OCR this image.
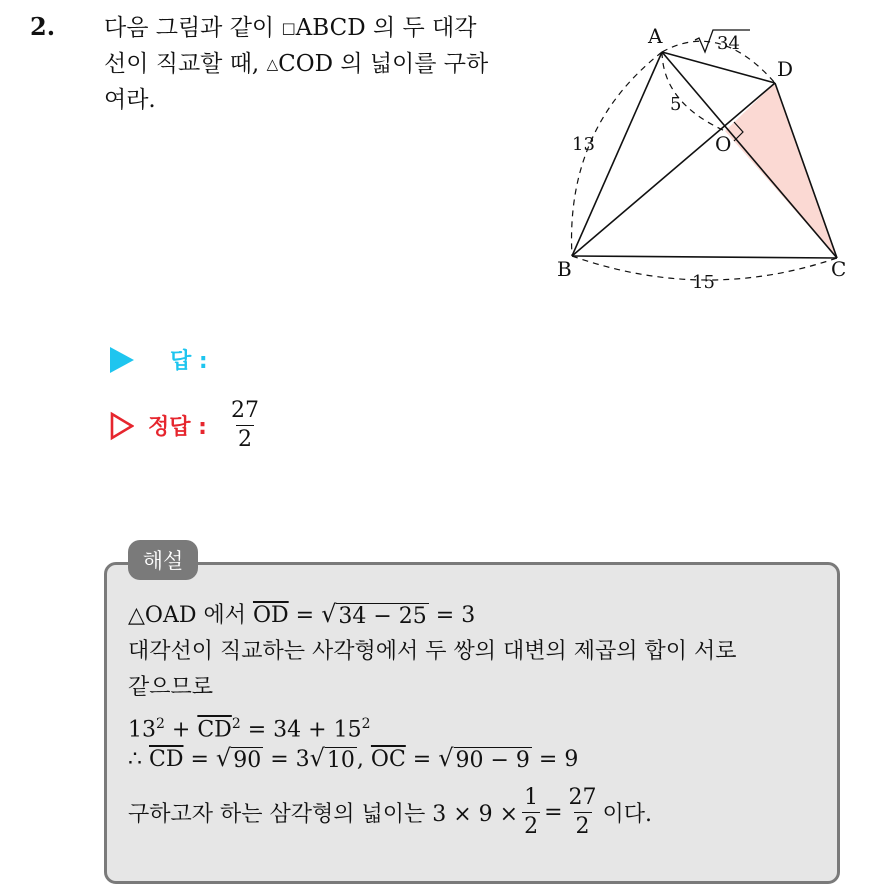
2. 다음 그림과 같이 □ABCD 의 두 대각
선이 직교할 때, △COD 의 넓이를 구하
여라.
A
D
O
B	C
13
5
15
34
답 :
정답 : $\frac{27}{2}$
해설
△OAD 에서 $\overline{OD}$ = √ 34 − 25 = 3
대각선이 직교하는 사각형에서 두 쌍의 대변의 제곱의 합이 서로
같으므로
$13^2 + \overline{CD}^2 = 34 + 15^2$
∴ $\overline{CD}$ = √ 90 = 3 √ 10 , $\overline{OC}$ = √ 90 − 9 = 9
구하고자 하는 삼각형의 넓이는 $3 \times 9 \times \frac{1}{2} = \frac{27}{2}$ 이다.
